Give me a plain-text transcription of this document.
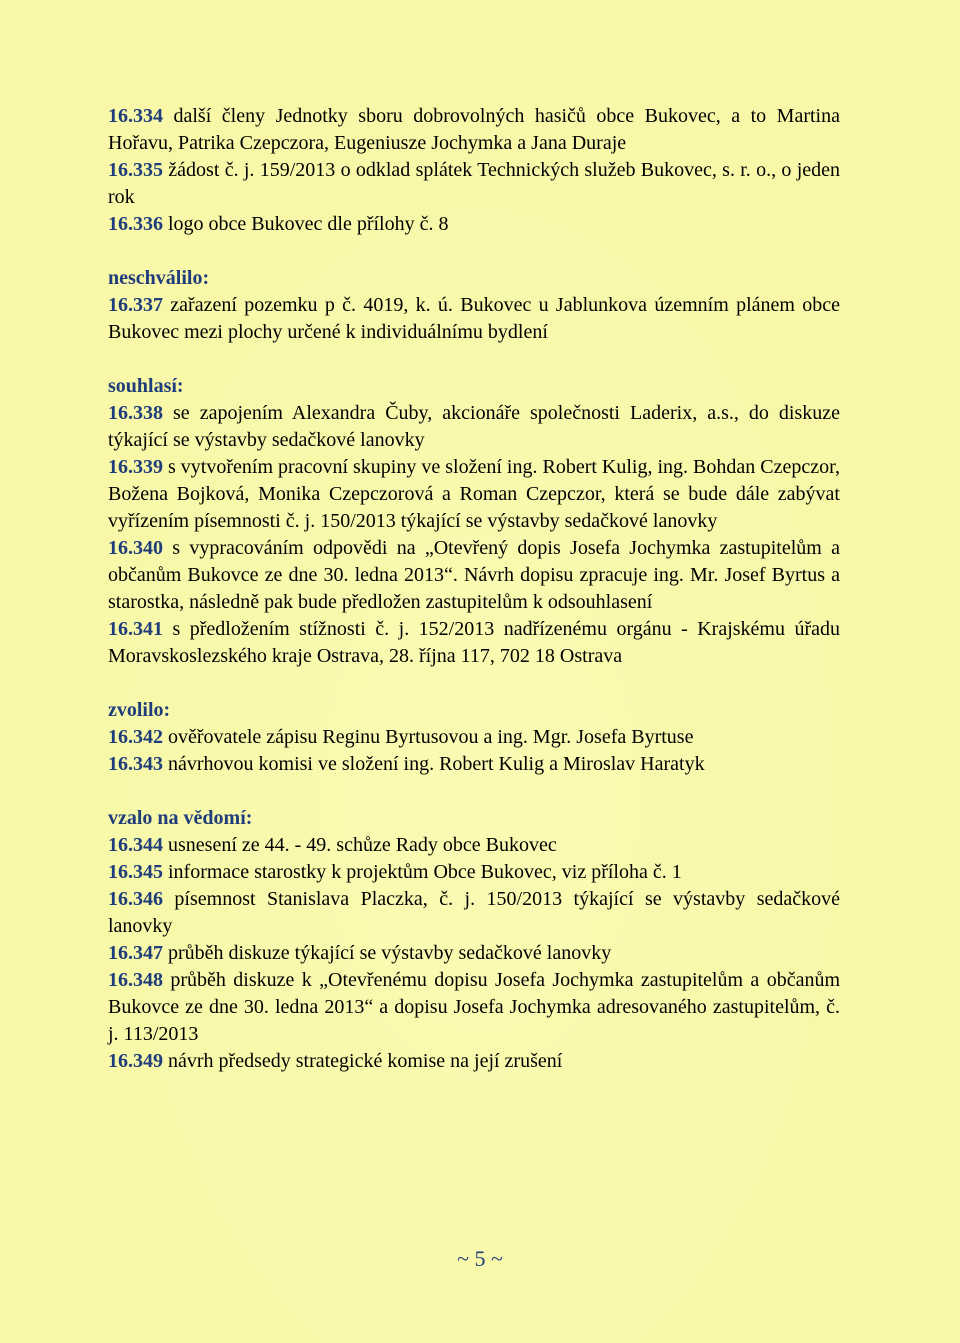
16.334 další členy Jednotky sboru dobrovolných hasičů obce Bukovec, a to Martina Hořavu, Patrika Czepczora, Eugeniusze Jochymka a Jana Duraje
16.335 žádost č. j. 159/2013 o odklad splátek Technických služeb Bukovec, s. r. o., o jeden rok
16.336 logo obce Bukovec dle přílohy č. 8
neschválilo:
16.337 zařazení pozemku p č. 4019, k. ú. Bukovec u Jablunkova územním plánem obce Bukovec mezi plochy určené k individuálnímu bydlení
souhlasí:
16.338 se zapojením Alexandra Čuby, akcionáře společnosti Laderix, a.s., do diskuze týkající se výstavby sedačkové lanovky
16.339 s vytvořením pracovní skupiny ve složení ing. Robert Kulig, ing. Bohdan Czepczor, Božena Bojková, Monika Czepczorová a Roman Czepczor, která se bude dále zabývat vyřízením písemnosti č. j. 150/2013 týkající se výstavby sedačkové lanovky
16.340 s vypracováním odpovědi na „Otevřený dopis Josefa Jochymka zastupitelům a občanům Bukovce ze dne 30. ledna 2013“. Návrh dopisu zpracuje ing. Mr. Josef Byrtus a starostka, následně pak bude předložen zastupitelům k odsouhlasení
16.341 s předložením stížnosti č. j. 152/2013 nadřízenému orgánu - Krajskému úřadu Moravskoslezského kraje Ostrava, 28. října 117, 702 18 Ostrava
zvolilo:
16.342 ověřovatele zápisu Reginu Byrtusovou a ing. Mgr. Josefa Byrtuse
16.343 návrhovou komisi ve složení ing. Robert Kulig a Miroslav Haratyk
vzalo na vědomí:
16.344 usnesení ze 44. - 49. schůze Rady obce Bukovec
16.345 informace starostky k projektům Obce Bukovec, viz příloha č. 1
16.346 písemnost Stanislava Placzka, č. j. 150/2013 týkající se výstavby sedačkové lanovky
16.347 průběh diskuze týkající se výstavby sedačkové lanovky
16.348 průběh diskuze k „Otevřenému dopisu Josefa Jochymka zastupitelům a občanům Bukovce ze dne 30. ledna 2013“ a dopisu Josefa Jochymka adresovaného zastupitelům, č. j. 113/2013
16.349 návrh předsedy strategické komise na její zrušení
~ 5 ~
